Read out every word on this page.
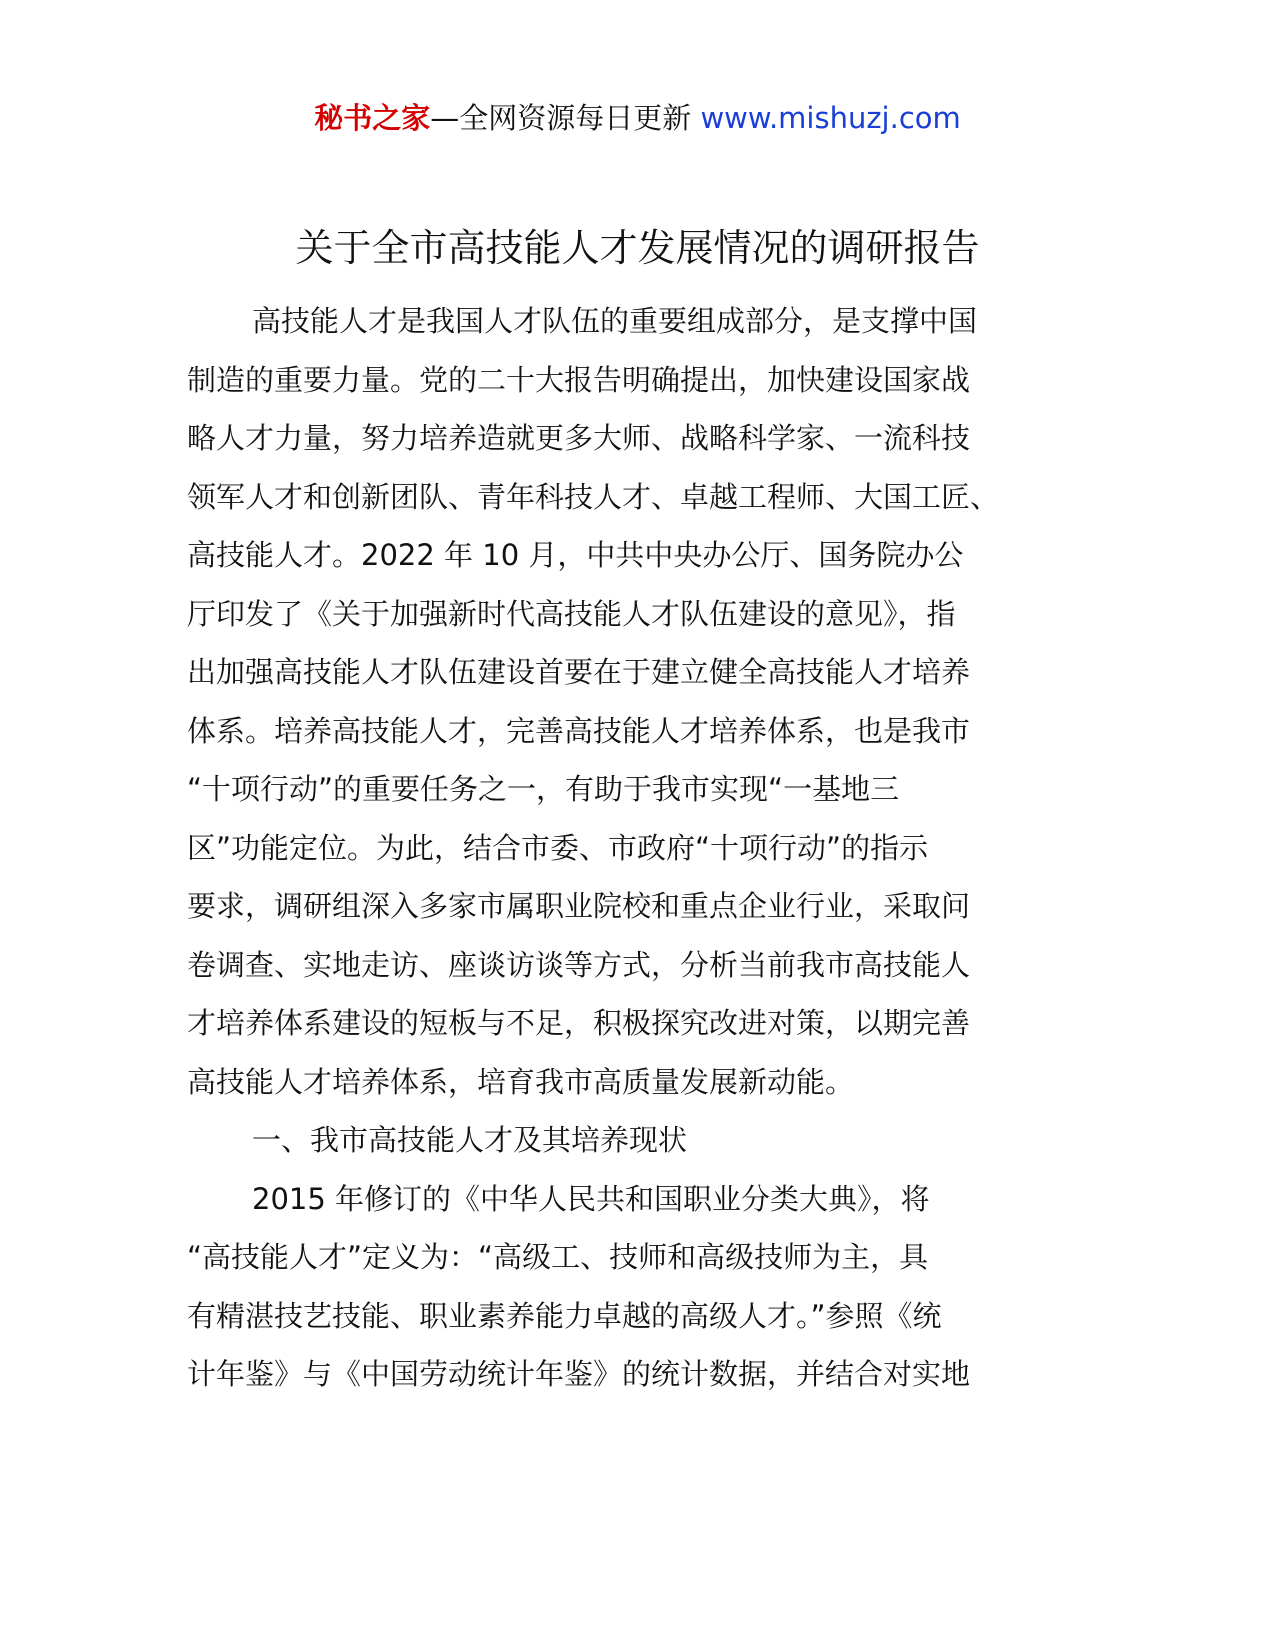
秘书之家—全网资源每日更新 www.mishuzj.com
关于全市高技能人才发展情况的调研报告
高技能人才是我国人才队伍的重要组成部分，是支撑中国
制造的重要力量。党的二十大报告明确提出，加快建设国家战
略人才力量，努力培养造就更多大师、战略科学家、一流科技
领军人才和创新团队、青年科技人才、卓越工程师、大国工匠、
高技能人才。2022 年 10 月，中共中央办公厅、国务院办公
厅印发了《关于加强新时代高技能人才队伍建设的意见》，指
出加强高技能人才队伍建设首要在于建立健全高技能人才培养
体系。培养高技能人才，完善高技能人才培养体系，也是我市
“十项行动”的重要任务之一，有助于我市实现“一基地三
区”功能定位。为此，结合市委、市政府“十项行动”的指示
要求，调研组深入多家市属职业院校和重点企业行业，采取问
卷调查、实地走访、座谈访谈等方式，分析当前我市高技能人
才培养体系建设的短板与不足，积极探究改进对策，以期完善
高技能人才培养体系，培育我市高质量发展新动能。
一、我市高技能人才及其培养现状
2015 年修订的《中华人民共和国职业分类大典》，将
“高技能人才”定义为：“高级工、技师和高级技师为主，具
有精湛技艺技能、职业素养能力卓越的高级人才。”参照《统
计年鉴》与《中国劳动统计年鉴》的统计数据，并结合对实地
